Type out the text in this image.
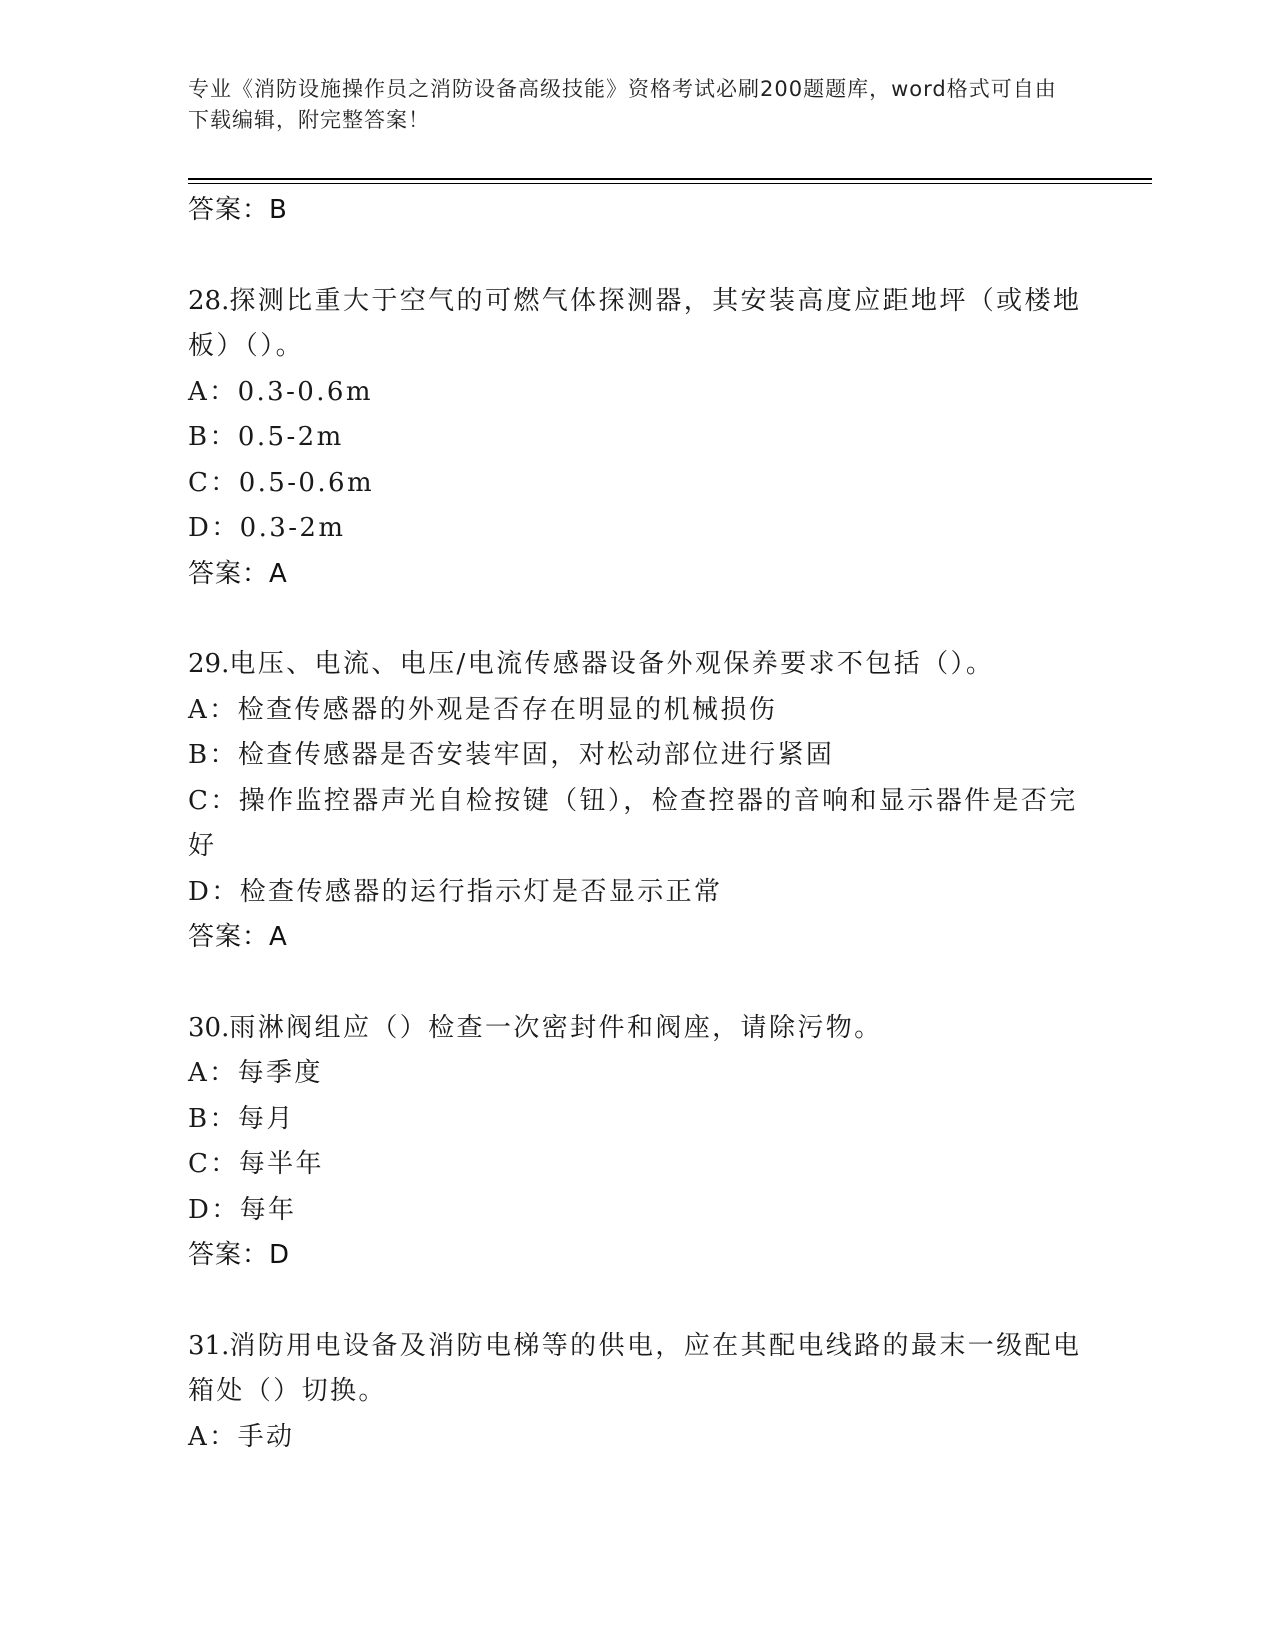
专业《消防设施操作员之消防设备高级技能》资格考试必刷200题题库，word格式可自由下载编辑，附完整答案！
答案：B
28.探测比重大于空气的可燃气体探测器，其安装高度应距地坪（或楼地板）（）。
A：0.3-0.6m
B：0.5-2m
C：0.5-0.6m
D：0.3-2m
答案：A
29.电压、电流、电压/电流传感器设备外观保养要求不包括（）。
A：检查传感器的外观是否存在明显的机械损伤
B：检查传感器是否安装牢固，对松动部位进行紧固
C：操作监控器声光自检按键（钮），检查控器的音响和显示器件是否完好
D：检查传感器的运行指示灯是否显示正常
答案：A
30.雨淋阀组应（）检查一次密封件和阀座，请除污物。
A：每季度
B：每月
C：每半年
D：每年
答案：D
31.消防用电设备及消防电梯等的供电，应在其配电线路的最末一级配电箱处（）切换。
A：手动
